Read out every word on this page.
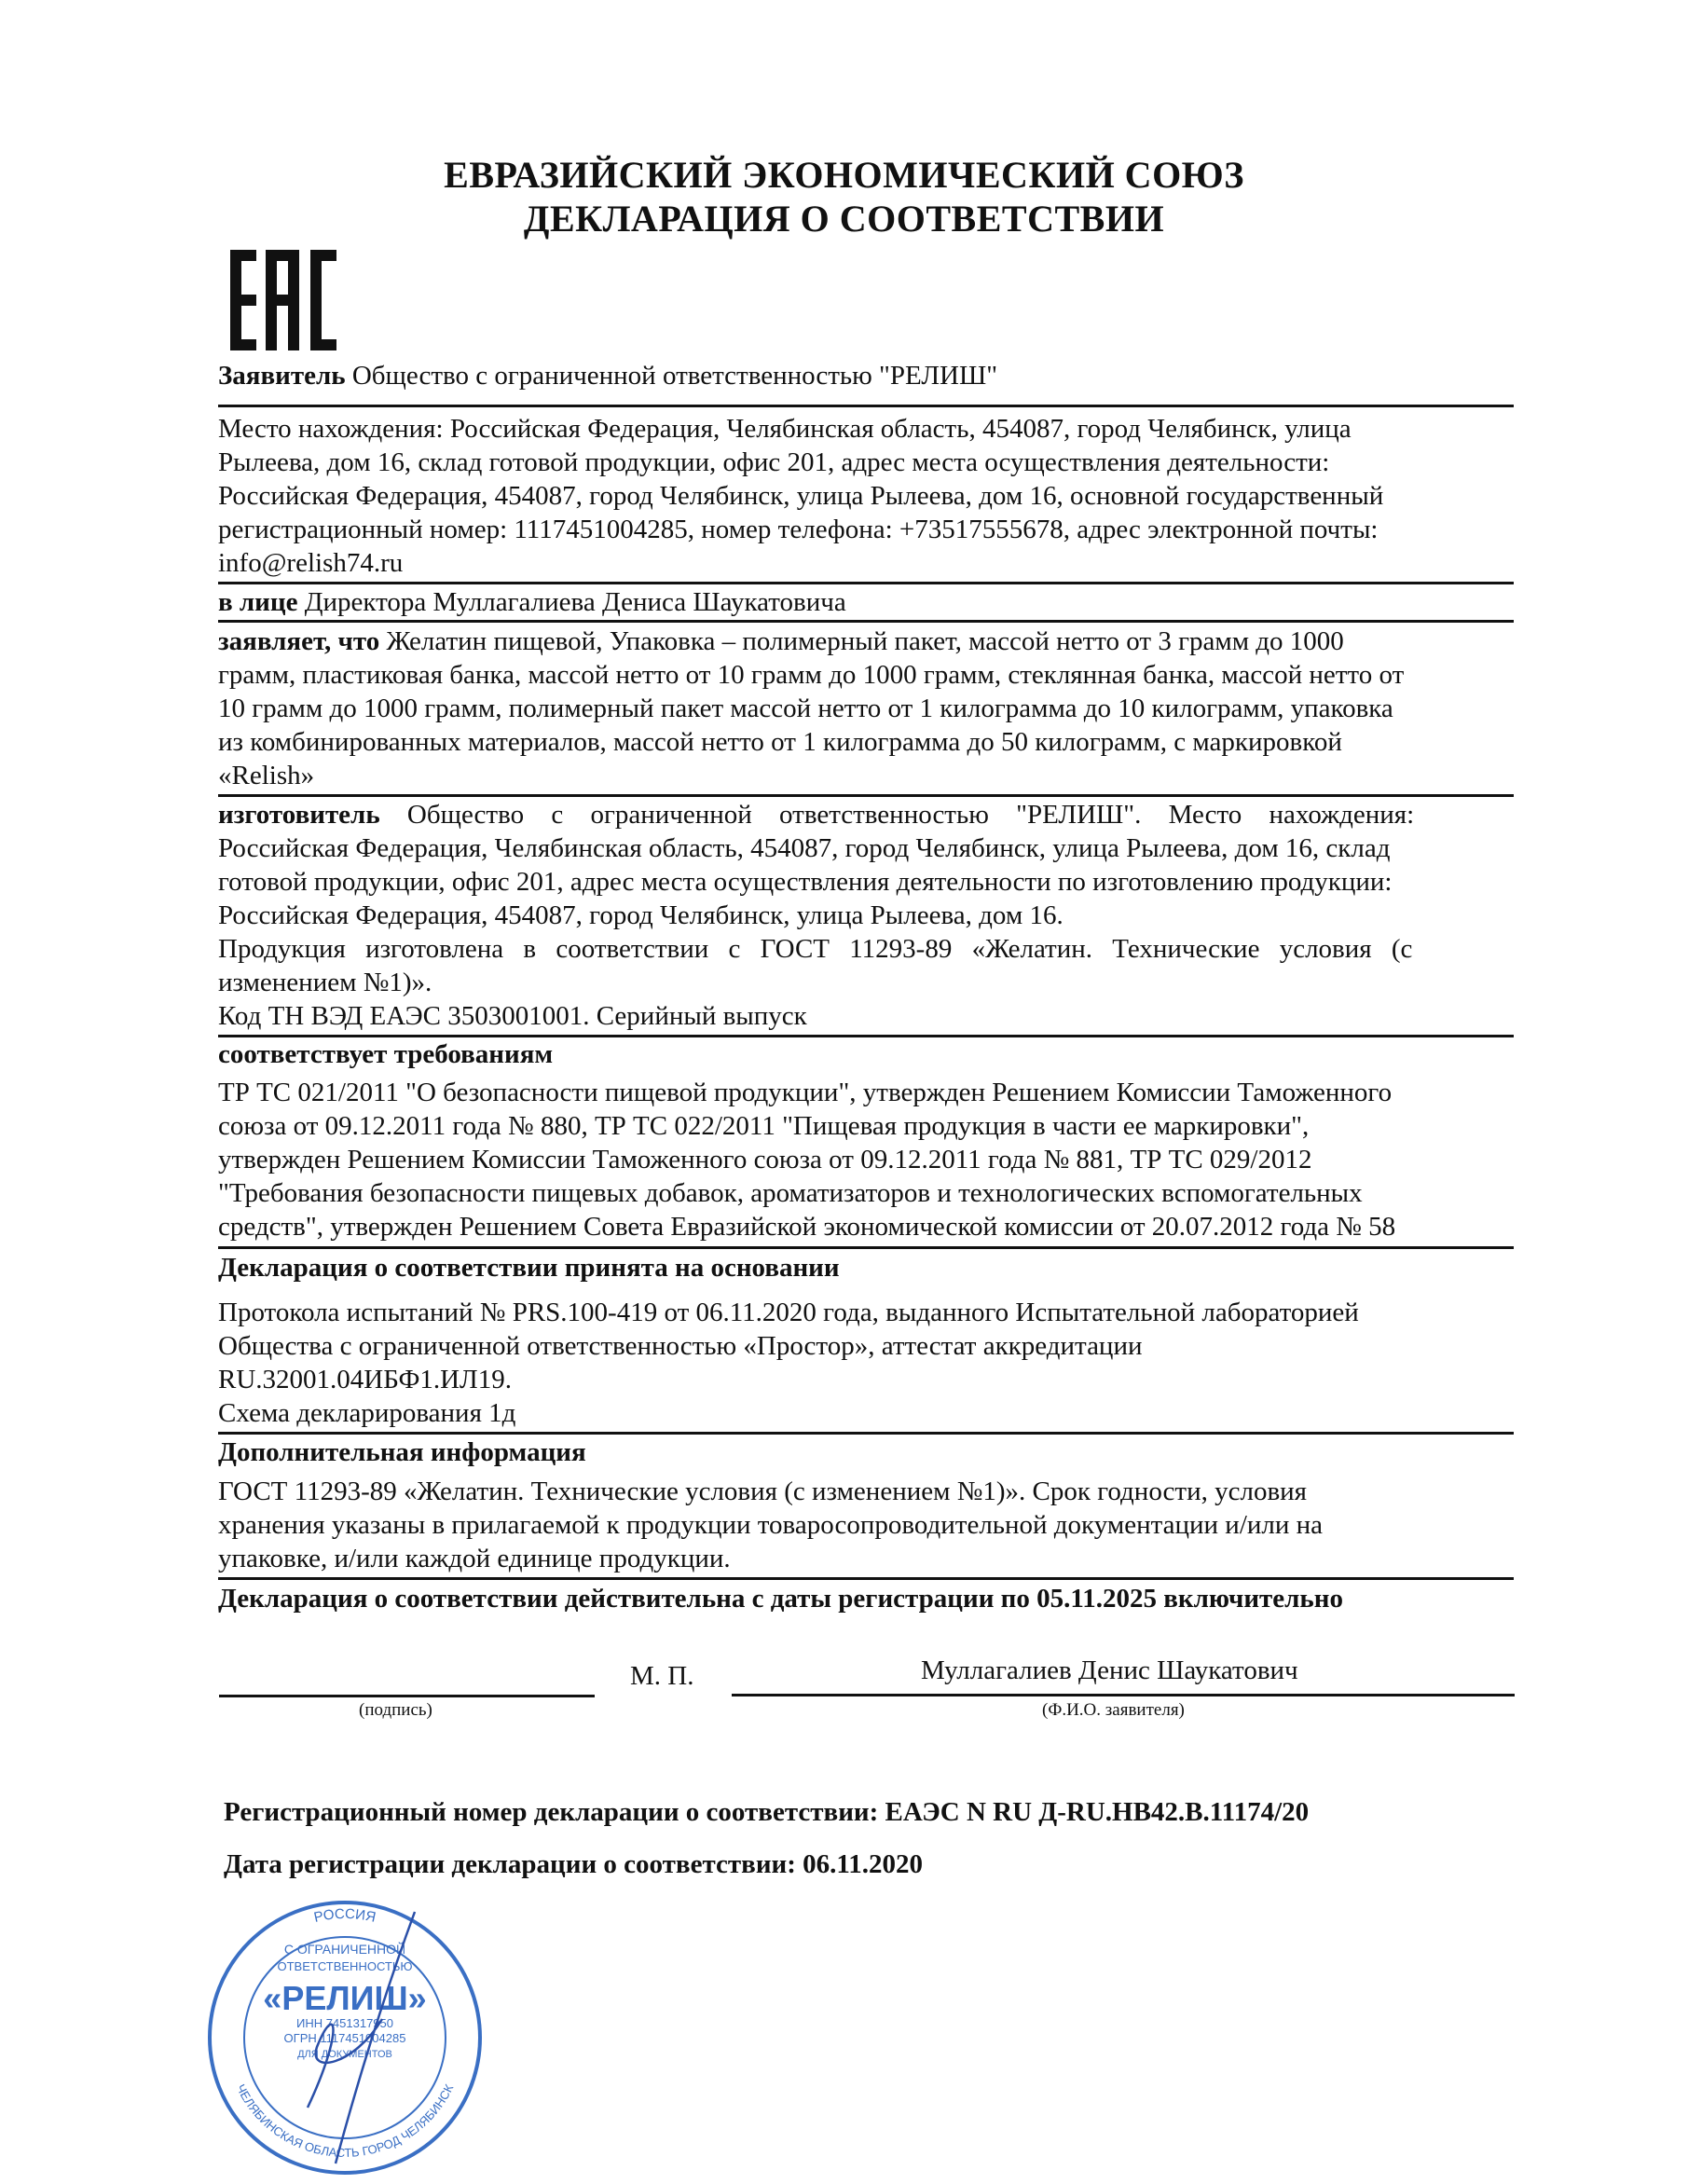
ЕВРАЗИЙСКИЙ ЭКОНОМИЧЕСКИЙ СОЮЗ
ДЕКЛАРАЦИЯ О СООТВЕТСТВИИ
Заявитель Общество с ограниченной ответственностью "РЕЛИШ"
Место нахождения: Российская Федерация, Челябинская область, 454087, город Челябинск, улица
Рылеева, дом 16, склад готовой продукции, офис 201, адрес места осуществления деятельности:
Российская Федерация, 454087, город Челябинск, улица Рылеева, дом 16, основной государственный
регистрационный номер: 1117451004285, номер телефона: +73517555678, адрес электронной почты:
info@relish74.ru
в лице Директора Муллагалиева Дениса Шаукатовича
заявляет, что Желатин пищевой, Упаковка – полимерный пакет, массой нетто от 3 грамм до 1000
грамм, пластиковая банка, массой нетто от 10 грамм до 1000 грамм, стеклянная банка, массой нетто от
10 грамм до 1000 грамм, полимерный пакет массой нетто от 1 килограмма до 10 килограмм, упаковка
из комбинированных материалов, массой нетто от 1 килограмма до 50 килограмм, с маркировкой
«Relish»
изготовитель Общество с ограниченной ответственностью "РЕЛИШ". Место нахождения:
Российская Федерация, Челябинская область, 454087, город Челябинск, улица Рылеева, дом 16, склад
готовой продукции, офис 201, адрес места осуществления деятельности по изготовлению продукции:
Российская Федерация, 454087, город Челябинск, улица Рылеева, дом 16.
Продукция изготовлена в соответствии с ГОСТ 11293-89 «Желатин. Технические условия (с
изменением №1)».
Код ТН ВЭД ЕАЭС 3503001001. Серийный выпуск
соответствует требованиям
ТР ТС 021/2011 "О безопасности пищевой продукции", утвержден Решением Комиссии Таможенного
союза от 09.12.2011 года № 880, ТР ТС 022/2011 "Пищевая продукция в части ее маркировки",
утвержден Решением Комиссии Таможенного союза от 09.12.2011 года № 881, ТР ТС 029/2012
"Требования безопасности пищевых добавок, ароматизаторов и технологических вспомогательных
средств", утвержден Решением Совета Евразийской экономической комиссии от 20.07.2012 года № 58
Декларация о соответствии принята на основании
Протокола испытаний № PRS.100-419 от 06.11.2020 года, выданного Испытательной лабораторией
Общества с ограниченной ответственностью «Простор», аттестат аккредитации
RU.32001.04ИБФ1.ИЛ19.
Схема декларирования 1д
Дополнительная информация
ГОСТ 11293-89 «Желатин. Технические условия (с изменением №1)». Срок годности, условия
хранения указаны в прилагаемой к продукции товаросопроводительной документации и/или на
упаковке, и/или каждой единице продукции.
Декларация о соответствии действительна с даты регистрации по 05.11.2025 включительно
(подпись)
М. П.	Муллагалиев Денис Шаукатович
(Ф.И.О. заявителя)
Регистрационный номер декларации о соответствии: ЕАЭС N RU Д-RU.НВ42.В.11174/20
Дата регистрации декларации о соответствии: 06.11.2020
РОССИЯ
С ОГРАНИЧЕННОЙ
ОТВЕТСТВЕННОСТЬЮ
«РЕЛИШ»
ИНН 7451317950
ОГРН 1117451004285
ДЛЯ ДОКУМЕНТОВ
ЧЕЛЯБИНСКАЯ ОБЛАСТЬ ГОРОД ЧЕЛЯБИНСК
